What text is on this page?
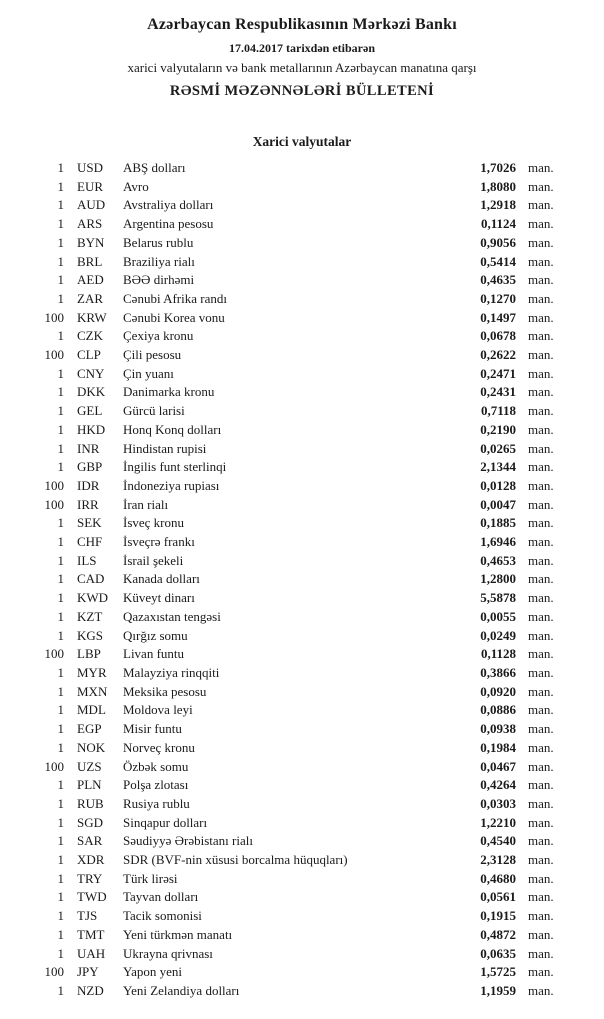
Azərbaycan Respublikasının Mərkəzi Bankı
17.04.2017 tarixdən etibarən
xarici valyutaların və bank metallarının Azərbaycan manatına qarşı
RƏSMİ MƏZƏNNƏLƏRİ BÜLLETENİ
Xarici valyutalar
1 USD	ABŞ dolları	1,7026 man.
1 EUR	Avro	1,8080 man.
1 AUD	Avstraliya dolları	1,2918 man.
1 ARS	Argentina pesosu	0,1124 man.
1 BYN	Belarus rublu	0,9056 man.
1 BRL	Braziliya rialı	0,5414 man.
1 AED	BƏƏ dirhəmi	0,4635 man.
1 ZAR	Cənubi Afrika randı	0,1270 man.
100 KRW	Cənubi Korea vonu	0,1497 man.
1 CZK	Çexiya kronu	0,0678 man.
100 CLP	Çili pesosu	0,2622 man.
1 CNY	Çin yuanı	0,2471 man.
1 DKK	Danimarka kronu	0,2431 man.
1 GEL	Gürcü larisi	0,7118 man.
1 HKD	Honq Konq dolları	0,2190 man.
1 INR	Hindistan rupisi	0,0265 man.
1 GBP	İngilis funt sterlinqi	2,1344 man.
100 IDR	İndoneziya rupiası	0,0128 man.
100 IRR	İran rialı	0,0047 man.
1 SEK	İsveç kronu	0,1885 man.
1 CHF	İsveçrə frankı	1,6946 man.
1 ILS	İsrail şekeli	0,4653 man.
1 CAD	Kanada dolları	1,2800 man.
1 KWD	Küveyt dinarı	5,5878 man.
1 KZT	Qazaxıstan tengəsi	0,0055 man.
1 KGS	Qırğız somu	0,0249 man.
100 LBP	Livan funtu	0,1128 man.
1 MYR	Malayziya rinqqiti	0,3866 man.
1 MXN	Meksika pesosu	0,0920 man.
1 MDL	Moldova leyi	0,0886 man.
1 EGP	Misir funtu	0,0938 man.
1 NOK	Norveç kronu	0,1984 man.
100 UZS	Özbək somu	0,0467 man.
1 PLN	Polşa zlotası	0,4264 man.
1 RUB	Rusiya rublu	0,0303 man.
1 SGD	Sinqapur dolları	1,2210 man.
1 SAR	Səudiyyə Ərəbistanı rialı	0,4540 man.
1 XDR	SDR (BVF-nin xüsusi borcalma hüquqları)	2,3128 man.
1 TRY	Türk lirəsi	0,4680 man.
1 TWD	Tayvan dolları	0,0561 man.
1 TJS	Tacik somonisi	0,1915 man.
1 TMT	Yeni türkmən manatı	0,4872 man.
1 UAH	Ukrayna qrivnası	0,0635 man.
100 JPY	Yapon yeni	1,5725 man.
1 NZD	Yeni Zelandiya dolları	1,1959 man.
